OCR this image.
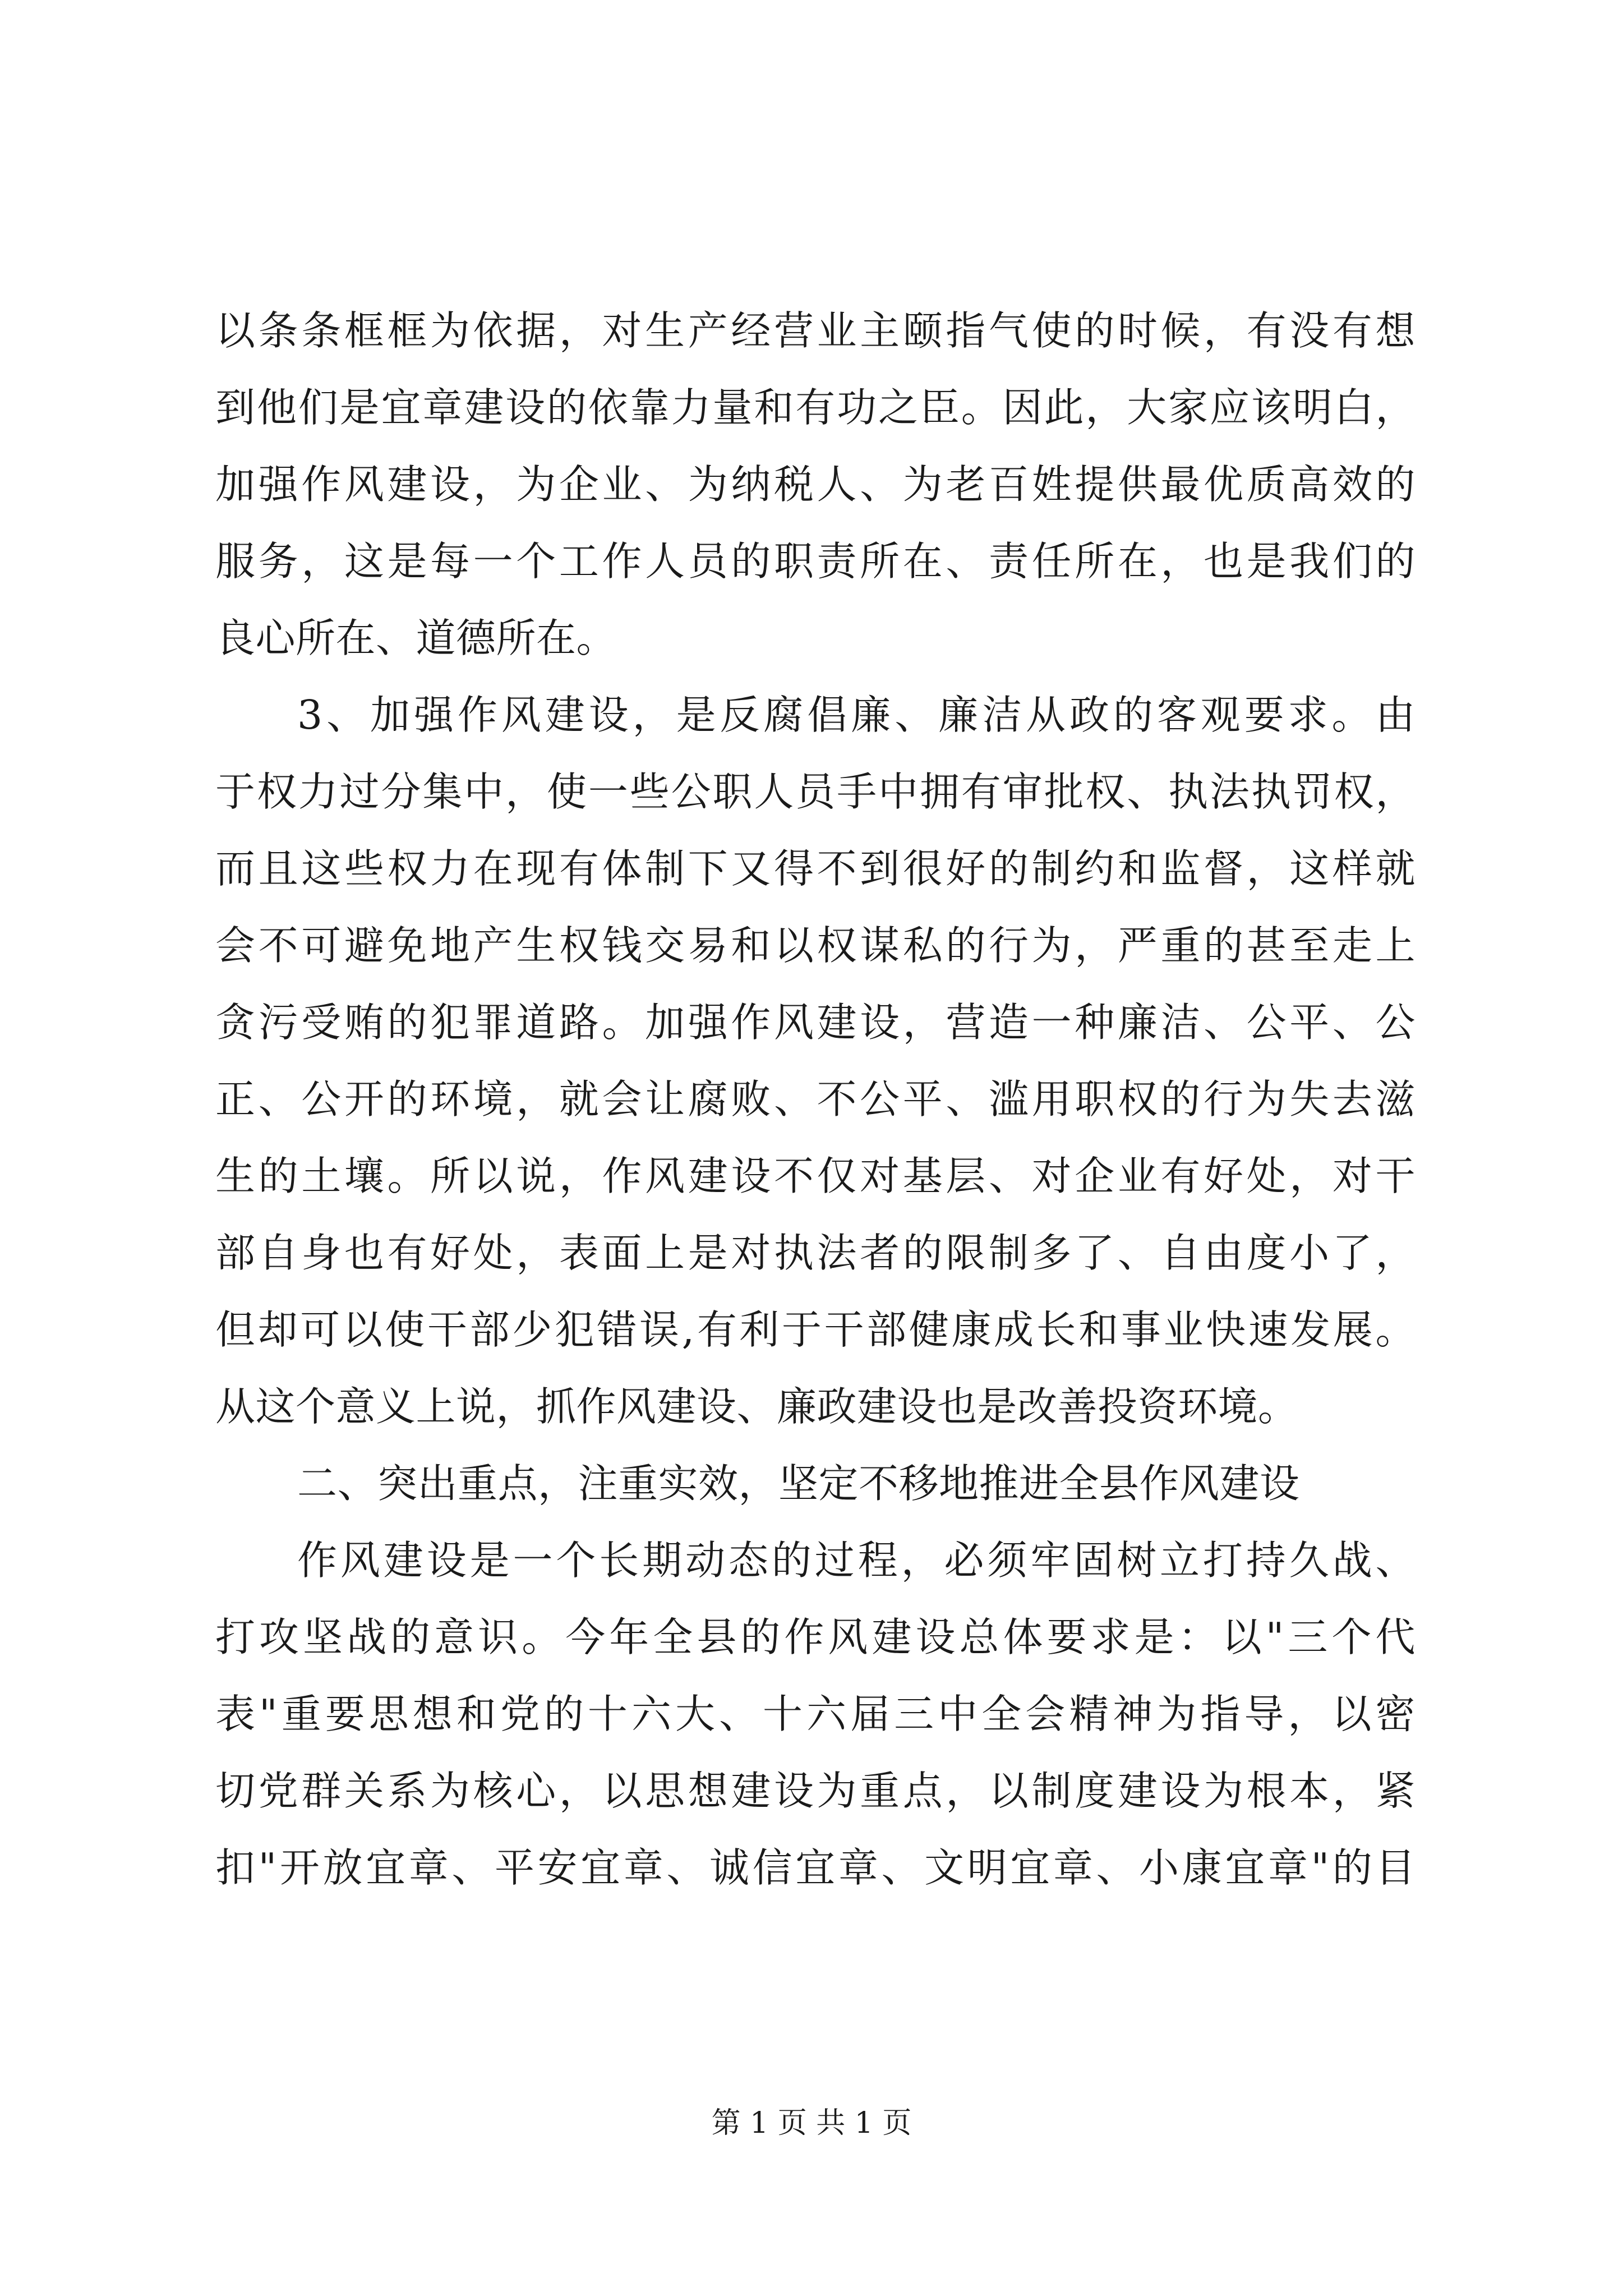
以条条框框为依据，对生产经营业主颐指气使的时候，有没有想
到他们是宜章建设的依靠力量和有功之臣。因此，大家应该明白，
加强作风建设，为企业、为纳税人、为老百姓提供最优质高效的
服务，这是每一个工作人员的职责所在、责任所在，也是我们的
良心所在、道德所在。
3、加强作风建设，是反腐倡廉、廉洁从政的客观要求。由
于权力过分集中，使一些公职人员手中拥有审批权、执法执罚权，
而且这些权力在现有体制下又得不到很好的制约和监督，这样就
会不可避免地产生权钱交易和以权谋私的行为，严重的甚至走上
贪污受贿的犯罪道路。加强作风建设，营造一种廉洁、公平、公
正、公开的环境，就会让腐败、不公平、滥用职权的行为失去滋
生的土壤。所以说，作风建设不仅对基层、对企业有好处，对干
部自身也有好处，表面上是对执法者的限制多了、自由度小了，
但却可以使干部少犯错误,有利于干部健康成长和事业快速发展。
从这个意义上说，抓作风建设、廉政建设也是改善投资环境。
二、突出重点，注重实效，坚定不移地推进全县作风建设
作风建设是一个长期动态的过程，必须牢固树立打持久战、
打攻坚战的意识。今年全县的作风建设总体要求是：以"三个代
表"重要思想和党的十六大、十六届三中全会精神为指导，以密
切党群关系为核心，以思想建设为重点，以制度建设为根本，紧
扣"开放宜章、平安宜章、诚信宜章、文明宜章、小康宜章"的目
第 1 页 共 1 页
